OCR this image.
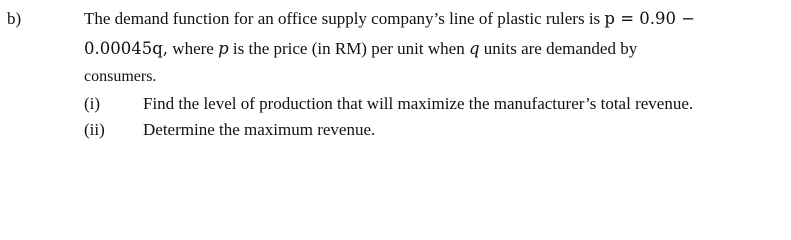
b)	The demand function for an office supply company’s line of plastic rulers is p = 0.90 −
0.00045q, where p is the price (in RM) per unit when q units are demanded by
consumers.
(i)	Find the level of production that will maximize the manufacturer’s total revenue.
(ii) Determine the maximum revenue.
